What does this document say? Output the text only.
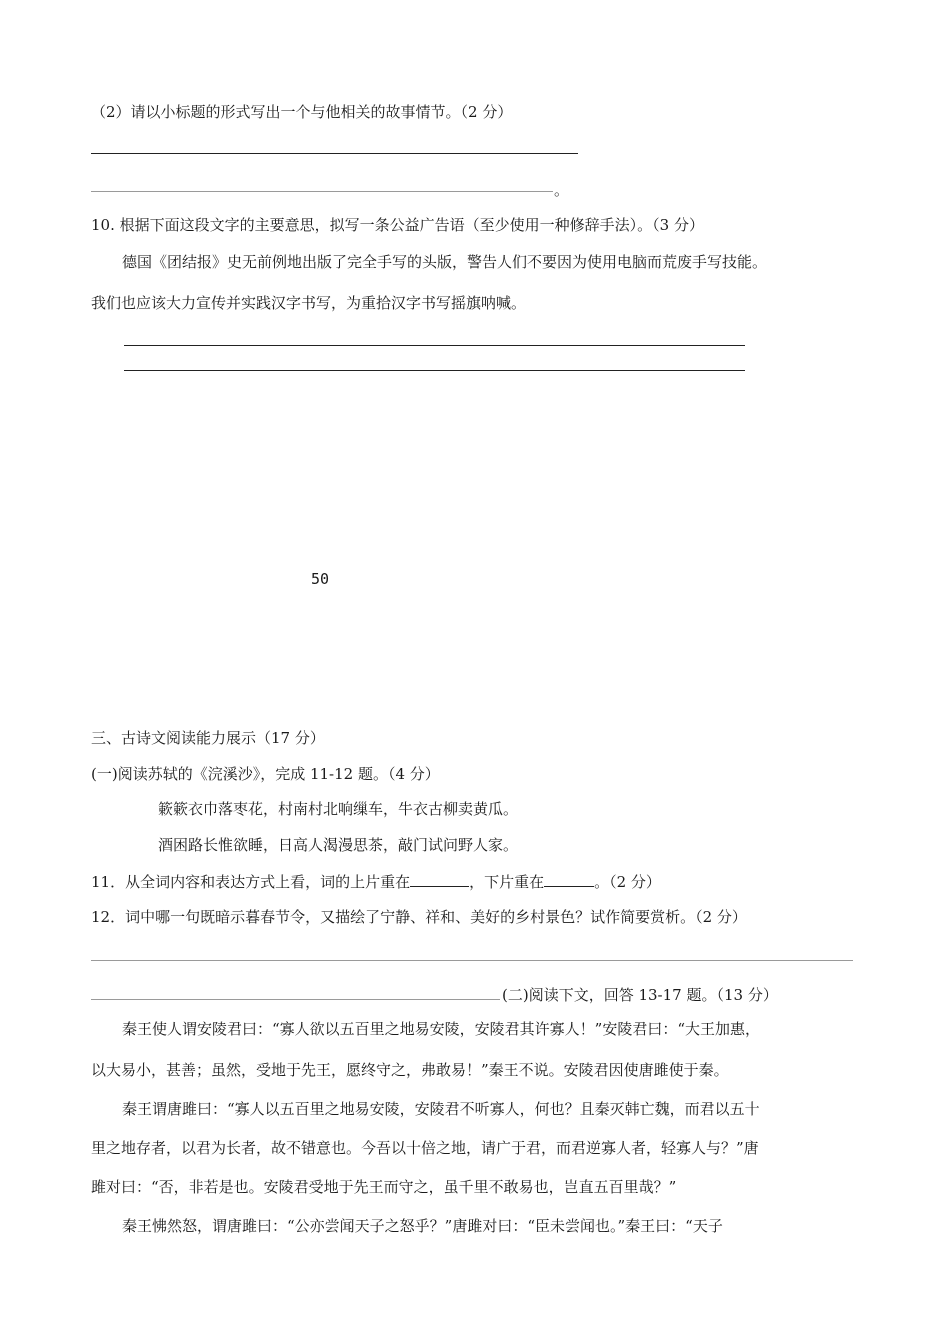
（2）请以小标题的形式写出一个与他相关的故事情节。（2 分）
。
10. 根据下面这段文字的主要意思，拟写一条公益广告语（至少使用一种修辞手法）。（3 分）
德国《团结报》史无前例地出版了完全手写的头版，警告人们不要因为使用电脑而荒废手写技能。
我们也应该大力宣传并实践汉字书写，为重拾汉字书写摇旗呐喊。
50
三、古诗文阅读能力展示（17 分）
(一)阅读苏轼的《浣溪沙》，完成 11-12 题。（4 分）
簌簌衣巾落枣花，村南村北响缫车，牛衣古柳卖黄瓜。
酒困路长惟欲睡，日高人渴漫思茶，敲门试问野人家。
11．从全词内容和表达方式上看，词的上片重在	，下片重在	。（2 分）
12．词中哪一句既暗示暮春节令，又描绘了宁静、祥和、美好的乡村景色？试作简要赏析。（2 分）
(二)阅读下文，回答 13-17 题。（13 分）
秦王使人谓安陵君曰：“寡人欲以五百里之地易安陵，安陵君其许寡人！”安陵君曰：“大王加惠，
以大易小，甚善；虽然，受地于先王，愿终守之，弗敢易！”秦王不说。安陵君因使唐雎使于秦。
秦王谓唐雎曰：“寡人以五百里之地易安陵，安陵君不听寡人，何也？且秦灭韩亡魏，而君以五十
里之地存者，以君为长者，故不错意也。今吾以十倍之地，请广于君，而君逆寡人者，轻寡人与？”唐
雎对曰：“否，非若是也。安陵君受地于先王而守之，虽千里不敢易也，岂直五百里哉？”
秦王怫然怒，谓唐雎曰：“公亦尝闻天子之怒乎？”唐雎对曰：“臣未尝闻也。”秦王曰：“天子
